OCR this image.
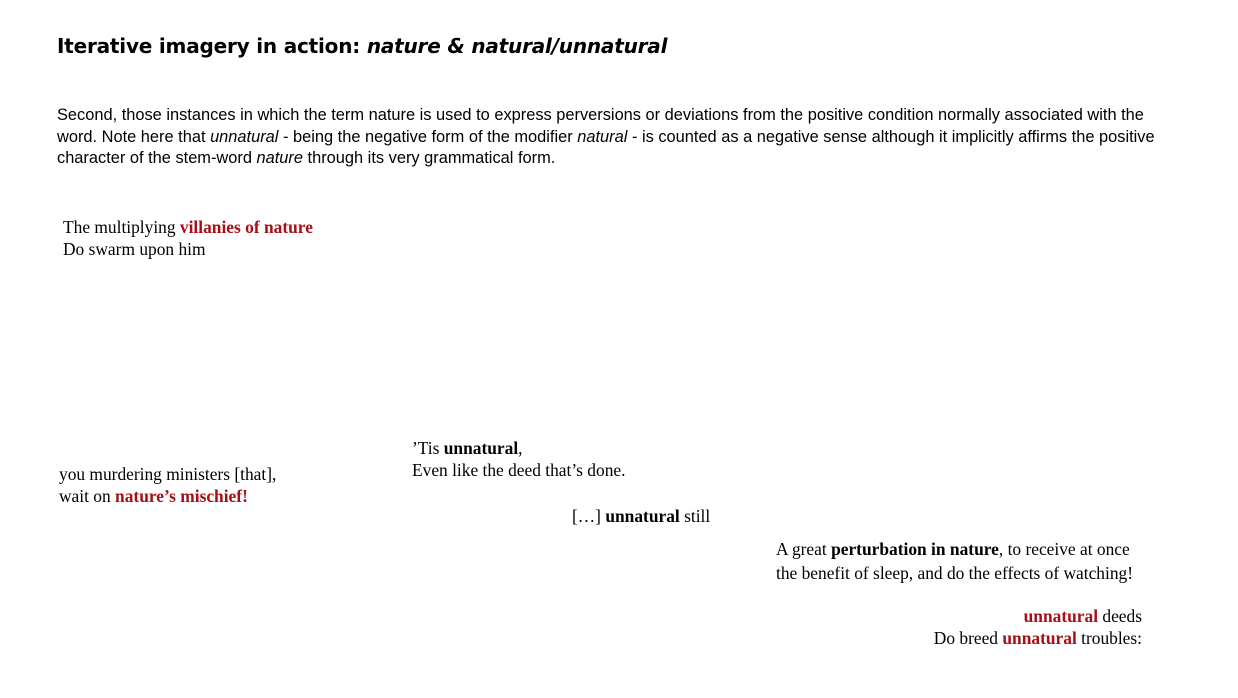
Iterative imagery in action: nature & natural/unnatural

Second, those instances in which the term nature is used to express perversions or deviations from the positive condition normally associated with the word. Note here that unnatural - being the negative form of the modifier natural - is counted as a negative sense although it implicitly affirms the positive character of the stem-word nature through its very grammatical form.

The multiplying villanies of nature
Do swarm upon him
’Tis unnatural,
Even like the deed that’s done.
you murdering ministers [that],
wait on nature’s mischief!
[…] unnatural still
A great perturbation in nature, to receive at once
the benefit of sleep, and do the effects of watching!
unnatural deeds
Do breed unnatural troubles:
